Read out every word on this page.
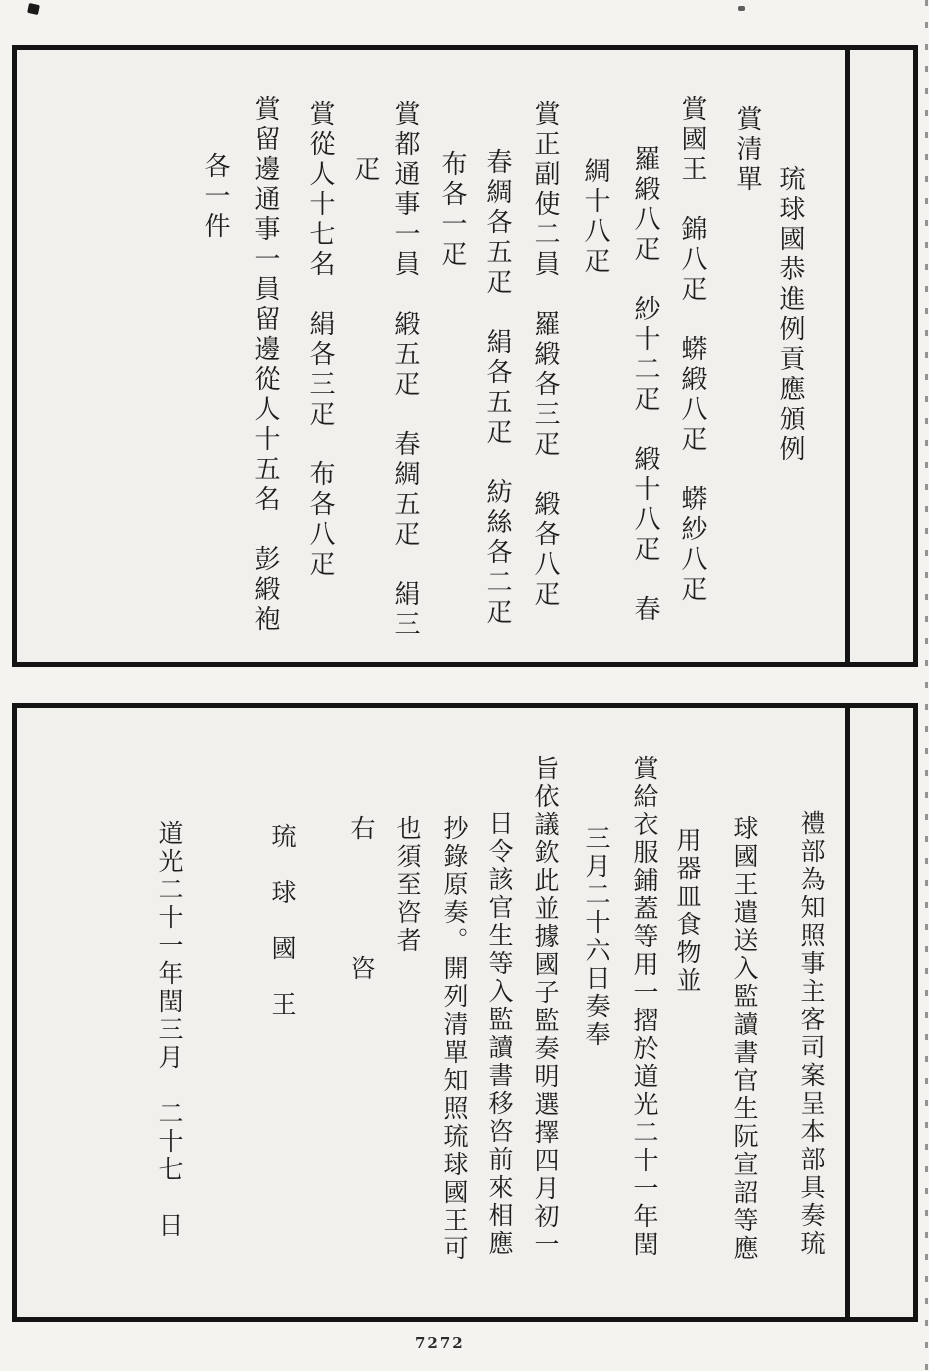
琉球國恭進例貢應頒例
賞清單
賞國王　錦八疋　蟒緞八疋　蟒紗八疋
羅緞八疋　紗十二疋　緞十八疋　春
綢十八疋
賞正副使二員　羅緞各三疋　緞各八疋
春綢各五疋　絹各五疋　紡絲各二疋
布各一疋
賞都通事一員　緞五疋　春綢五疋　絹三
疋
賞從人十七名　絹各三疋　布各八疋
賞留邊通事一員留邊從人十五名　彭緞袍
各一件
禮部為知照事主客司案呈本部具奏琉
球國王遣送入監讀書官生阮宣詔等應
用器皿食物並
賞給衣服鋪蓋等用一摺於道光二十一年閏
三月二十六日奏奉
旨依議欽此並據國子監奏明選擇四月初一
日令該官生等入監讀書移咨前來相應
抄錄原奏。開列清單知照琉球國王可
也須至咨者
右　　　　咨
琉　球　國　王
道光二十一年閏三月　二十七　日
7272
